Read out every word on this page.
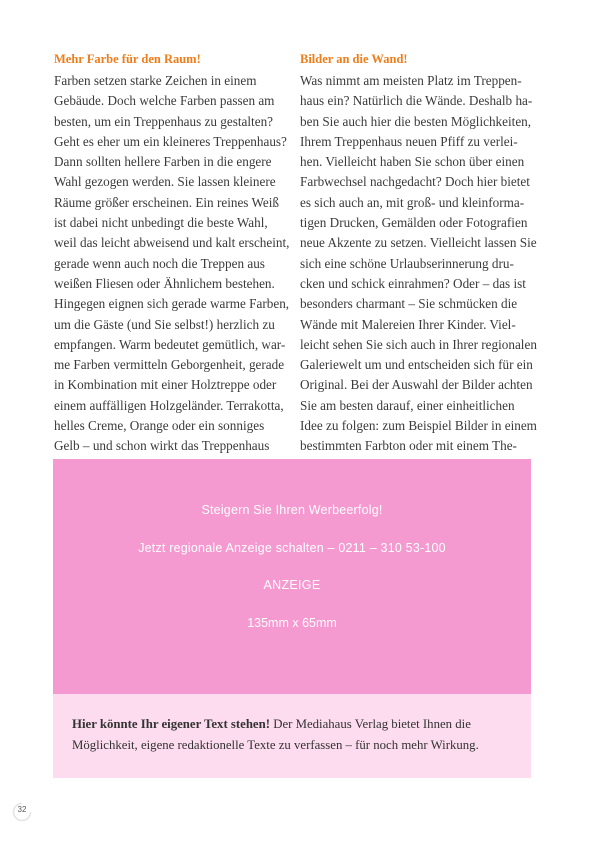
Mehr Farbe für den Raum!
Farben setzen starke Zeichen in einem
Gebäude. Doch welche Farben passen am
besten, um ein Treppenhaus zu gestalten?
Geht es eher um ein kleineres Treppenhaus?
Dann sollten hellere Farben in die engere
Wahl gezogen werden. Sie lassen kleinere
Räume größer erscheinen. Ein reines Weiß
ist dabei nicht unbedingt die beste Wahl,
weil das leicht abweisend und kalt erscheint,
gerade wenn auch noch die Treppen aus
weißen Fliesen oder Ähnlichem bestehen.
Hingegen eignen sich gerade warme Farben,
um die Gäste (und Sie selbst!) herzlich zu
empfangen. Warm bedeutet gemütlich, war-
me Farben vermitteln Geborgenheit, gerade
in Kombination mit einer Holztreppe oder
einem auffälligen Holzgeländer. Terrakotta,
helles Creme, Orange oder ein sonniges
Gelb – und schon wirkt das Treppenhaus
Bilder an die Wand!
Was nimmt am meisten Platz im Treppen-
haus ein? Natürlich die Wände. Deshalb ha-
ben Sie auch hier die besten Möglichkeiten,
Ihrem Treppenhaus neuen Pfiff zu verlei-
hen. Vielleicht haben Sie schon über einen
Farbwechsel nachgedacht? Doch hier bietet
es sich auch an, mit groß- und kleinforma-
tigen Drucken, Gemälden oder Fotografien
neue Akzente zu setzen. Vielleicht lassen Sie
sich eine schöne Urlaubserinnerung dru-
cken und schick einrahmen? Oder – das ist
besonders charmant – Sie schmücken die
Wände mit Malereien Ihrer Kinder. Viel-
leicht sehen Sie sich auch in Ihrer regionalen
Galeriewelt um und entscheiden sich für ein
Original. Bei der Auswahl der Bilder achten
Sie am besten darauf, einer einheitlichen
Idee zu folgen: zum Beispiel Bilder in einem
bestimmten Farbton oder mit einem The-
Steigern Sie Ihren Werbeerfolg!
Jetzt regionale Anzeige schalten – 0211 – 310 53-100
ANZEIGE
135mm x 65mm
Hier könnte Ihr eigener Text stehen! Der Mediahaus Verlag bietet Ihnen die Möglichkeit, eigene redaktionelle Texte zu verfassen – für noch mehr Wirkung.
32
